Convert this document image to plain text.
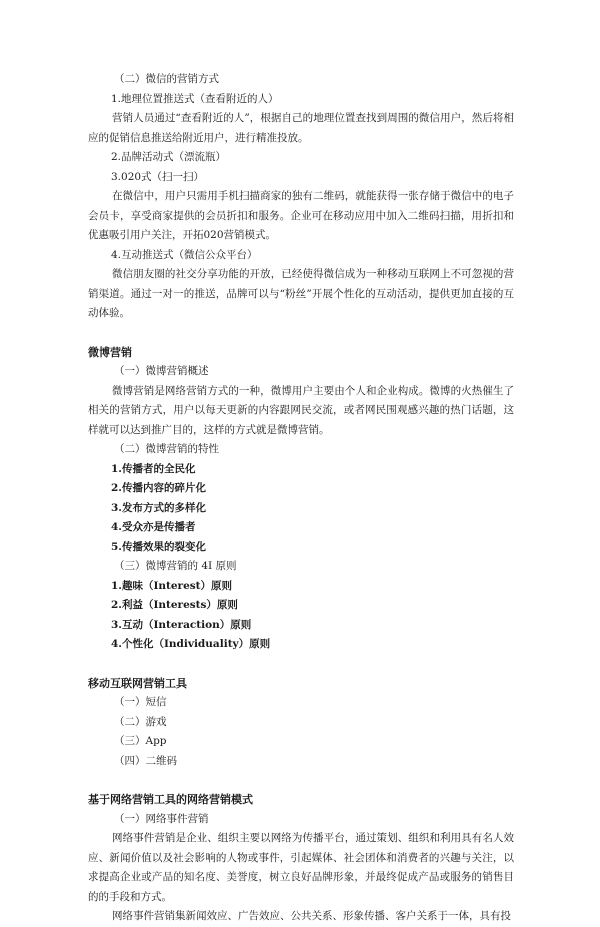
（二）微信的营销方式
1.地理位置推送式（查看附近的人）
营销人员通过“查看附近的人”，根据自己的地理位置查找到周围的微信用户，然后将相应的促销信息推送给附近用户，进行精准投放。
2.品牌活动式（漂流瓶）
3.020式（扫一扫）
在微信中，用户只需用手机扫描商家的独有二维码，就能获得一张存储于微信中的电子会员卡，享受商家提供的会员折扣和服务。企业可在移动应用中加入二维码扫描，用折扣和优惠吸引用户关注，开拓020营销模式。
4.互动推送式（微信公众平台）
微信朋友圈的社交分享功能的开放，已经使得微信成为一种移动互联网上不可忽视的营销渠道。通过一对一的推送，品牌可以与“粉丝”开展个性化的互动活动，提供更加直接的互动体验。
微博营销
（一）微博营销概述
微博营销是网络营销方式的一种，微博用户主要由个人和企业构成。微博的火热催生了相关的营销方式，用户以每天更新的内容跟网民交流，或者网民围观感兴趣的热门话题，这样就可以达到推广目的，这样的方式就是微博营销。
（二）微博营销的特性
1.传播者的全民化
2.传播内容的碎片化
3.发布方式的多样化
4.受众亦是传播者
5.传播效果的裂变化
（三）微博营销的 4I 原则
1.趣味（Interest）原则
2.利益（Interests）原则
3.互动（Interaction）原则
4.个性化（Individuality）原则
移动互联网营销工具
（一）短信
（二）游戏
（三）App
（四）二维码
基于网络营销工具的网络营销模式
（一）网络事件营销
网络事件营销是企业、组织主要以网络为传播平台，通过策划、组织和利用具有名人效应、新闻价值以及社会影响的人物或事件，引起媒体、社会团体和消费者的兴趣与关注，以求提高企业或产品的知名度、美誉度，树立良好品牌形象，并最终促成产品或服务的销售目的的手段和方式。
网络事件营销集新闻效应、广告效应、公共关系、形象传播、客户关系于一体，具有投
